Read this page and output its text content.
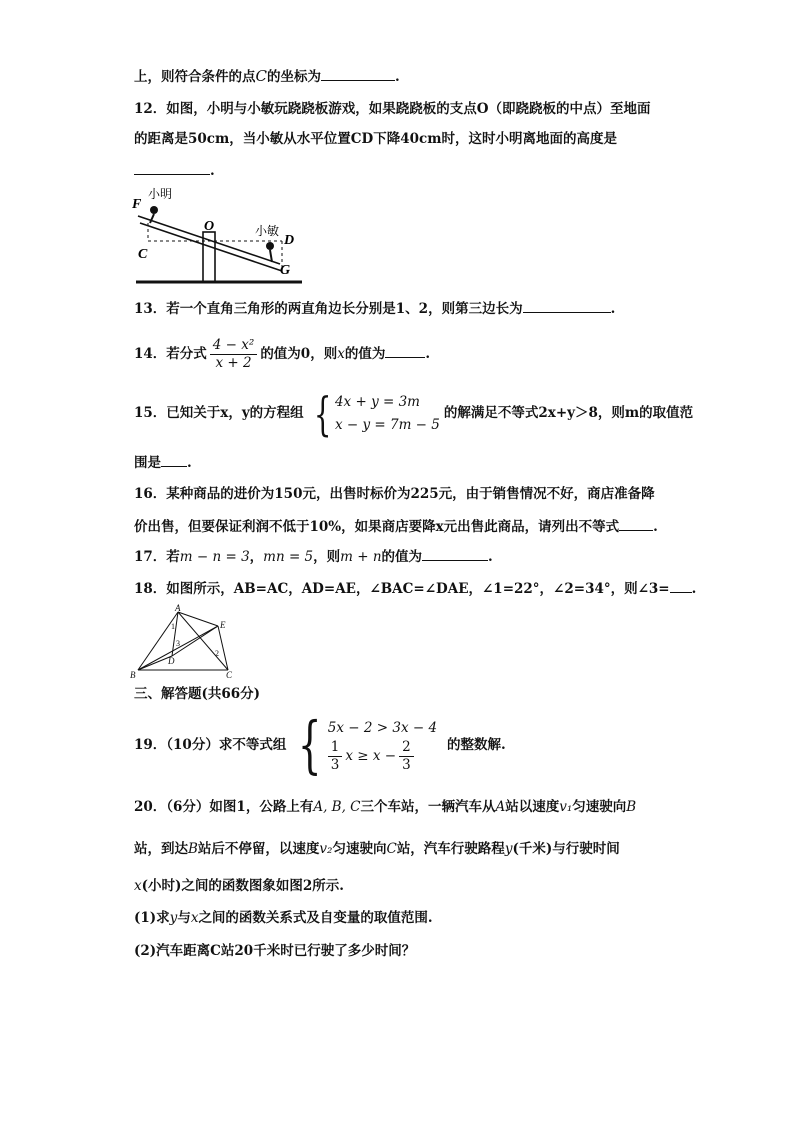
上，则符合条件的点C的坐标为	.
12．如图，小明与小敏玩跷跷板游戏，如果跷跷板的支点O（即跷跷板的中点）至地面
的距离是50cm，当小敏从水平位置CD下降40cm时，这时小明离地面的高度是
.
小明
F
C
O	小敏
D
G
13．若一个直角三角形的两直角边长分别是1、2，则第三边长为	.
14．若分式 $\frac{\text{4 − x²}}{x + 2}$ 的值为0，则x的值为	.
15．已知关于x，y的方程组 { 4x + y = 3m
x − y = 7m − 5
的解满足不等式2x+y＞8，则m的取值范
围是 .
16．某种商品的进价为150元，出售时标价为225元，由于销售情况不好，商店准备降
价出售，但要保证利润不低于10%，如果商店要降x元出售此商品，请列出不等式	.
17．若m − n = 3，mn = 5，则m + n的值为	.
18．如图所示，AB=AC，AD=AE，∠BAC=∠DAE，∠1=22°，∠2=34°，则∠3= .
A
B	C
D
E
1
2
3
三、解答题(共66分)
19．（10分）求不等式组 { 5x − 2 > 3x − 4
$\frac{1}{3}$ $x \ge x - \frac{2}{3}$ 的整数解.
20．（6分）如图1，公路上有A, B, C三个车站，一辆汽车从A站以速度v₁匀速驶向B
站，到达B站后不停留，以速度v₂匀速驶向C站，汽车行驶路程y(千米)与行驶时间
x(小时)之间的函数图象如图2所示.
(1)求y与x之间的函数关系式及自变量的取值范围.
(2)汽车距离C站20千米时已行驶了多少时间？
